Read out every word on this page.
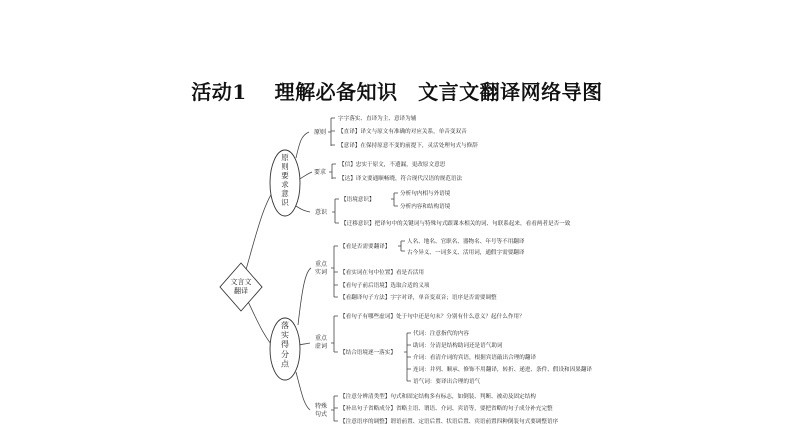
活动1　 理解必备知识　文言文翻译网络导图
文言文翻译
原则要求意识
落实得分点
原则
要求
意识
重点实词
重点虚词
特殊句式
字字落实、直译为主、意译为辅
【直译】译文与原文有准确的对应关系，单音变双音
【意译】在保持原意不变的前提下，灵活处理句式与修辞
【信】忠实于原文，不遗漏，更改原文意思
【达】译文要通顺畅晓，符合现代汉语的规范语法
【语境意识】
分析句内相与外语境
分析内容和结构语境
【迁移意识】把译句中的关键词与特殊句式跟课本相关的词、句联系起来，看看两者是否一致
【看是否需要翻译】
人名、地名、官职名、器物名、年号等不用翻译
古今异义、一词多义、活用词，通假字需要翻译
【看实词在句中位置】看是否活用
【看句子前后语境】选取合适的义项
【看翻译句子方法】字字对译，单音变双音；语序是否需要调整
【看句子有哪些虚词】处于句中还是句末？分别有什么意义？起什么作用？
【结合语境逐一落实】
代词：注意指代的内容
助词：分清是结构助词还是语气助词
介词：看清介词的宾语，根据宾语敲出合理的翻译
连词：并列、顺承、修饰不用翻译，转折、递进、条件、假设和因果翻译
语气词：要译出合理的语气
【注意分辨清类型】句式和固定结构多有标志，如倒装、判断、被动及固定结构
【补出句子省略成分】省略主语、谓语、介词、宾语等，要把省略的句子成分补充完整
【注意语序的调整】谓语前置、定语后置、状语后置、宾语前置四种倒装句式要调整语序
